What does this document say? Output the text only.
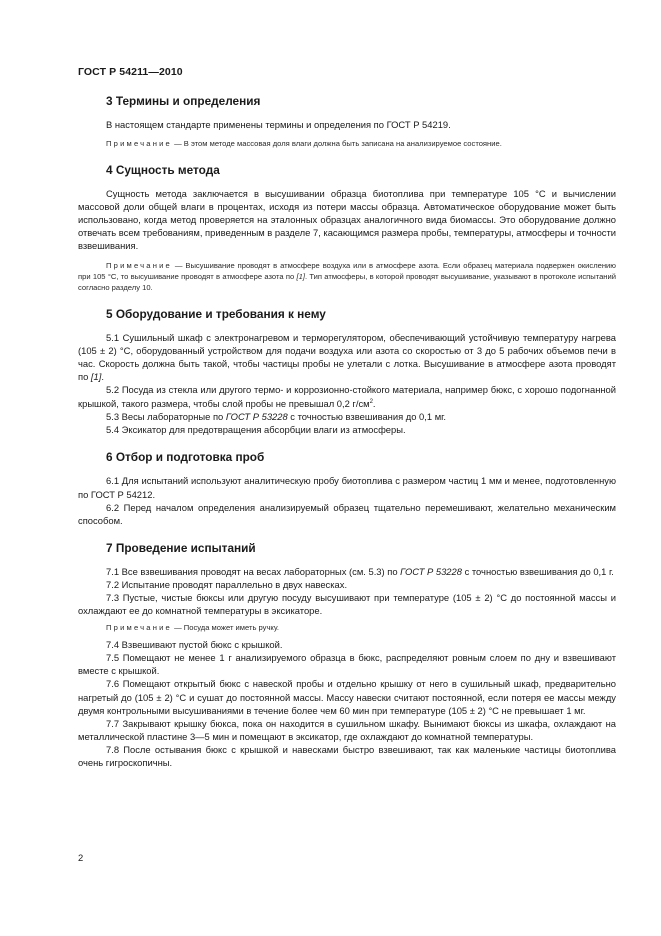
ГОСТ Р 54211—2010
3 Термины и определения

В настоящем стандарте применены термины и определения по ГОСТ Р 54219.

Примечание — В этом методе массовая доля влаги должна быть записана на анализируемое состояние.

4 Сущность метода

Сущность метода заключается в высушивании образца биотоплива при температуре 105 °С и вычислении массовой доли общей влаги в процентах, исходя из потери массы образца. Автоматическое оборудование может быть использовано, когда метод проверяется на эталонных образцах аналогичного вида биомассы. Это оборудование должно отвечать всем требованиям, приведенным в разделе 7, касающимся размера пробы, температуры, атмосферы и точности взвешивания.

Примечание — Высушивание проводят в атмосфере воздуха или в атмосфере азота. Если образец материала подвержен окислению при 105 °С, то высушивание проводят в атмосфере азота по [1]. Тип атмосферы, в которой проводят высушивание, указывают в протоколе испытаний согласно разделу 10.

5 Оборудование и требования к нему

5.1 Сушильный шкаф с электронагревом и терморегулятором, обеспечивающий устойчивую температуру нагрева (105 ± 2) °С, оборудованный устройством для подачи воздуха или азота со скоростью от 3 до 5 рабочих объемов печи в час. Скорость должна быть такой, чтобы частицы пробы не улетали с лотка. Высушивание в атмосфере азота проводят по [1].

5.2 Посуда из стекла или другого термо- и коррозионно-стойкого материала, например бюкс, с хорошо подогнанной крышкой, такого размера, чтобы слой пробы не превышал 0,2 $г/см^2$.

5.3 Весы лабораторные по ГОСТ Р 53228 с точностью взвешивания до 0,1 мг.

5.4 Эксикатор для предотвращения абсорбции влаги из атмосферы.

6 Отбор и подготовка проб

6.1 Для испытаний используют аналитическую пробу биотоплива с размером частиц 1 мм и менее, подготовленную по ГОСТ Р 54212.

6.2 Перед началом определения анализируемый образец тщательно перемешивают, желательно механическим способом.

7 Проведение испытаний

7.1 Все взвешивания проводят на весах лабораторных (см. 5.3) по ГОСТ Р 53228 с точностью взвешивания до 0,1 г.

7.2 Испытание проводят параллельно в двух навесках.

7.3 Пустые, чистые бюксы или другую посуду высушивают при температуре (105 ± 2) °С до постоянной массы и охлаждают ее до комнатной температуры в эксикаторе.

Примечание — Посуда может иметь ручку.

7.4 Взвешивают пустой бюкс с крышкой.

7.5 Помещают не менее 1 г анализируемого образца в бюкс, распределяют ровным слоем по дну и взвешивают вместе с крышкой.

7.6 Помещают открытый бюкс с навеской пробы и отдельно крышку от него в сушильный шкаф, предварительно нагретый до (105 ± 2) °С и сушат до постоянной массы. Массу навески считают постоянной, если потеря ее массы между двумя контрольными высушиваниями в течение более чем 60 мин при температуре (105 ± 2) °С не превышает 1 мг.

7.7 Закрывают крышку бюкса, пока он находится в сушильном шкафу. Вынимают бюксы из шкафа, охлаждают на металлической пластине 3—5 мин и помещают в эксикатор, где охлаждают до комнатной температуры.

7.8 После остывания бюкс с крышкой и навесками быстро взвешивают, так как маленькие частицы биотоплива очень гигроскопичны.

2
